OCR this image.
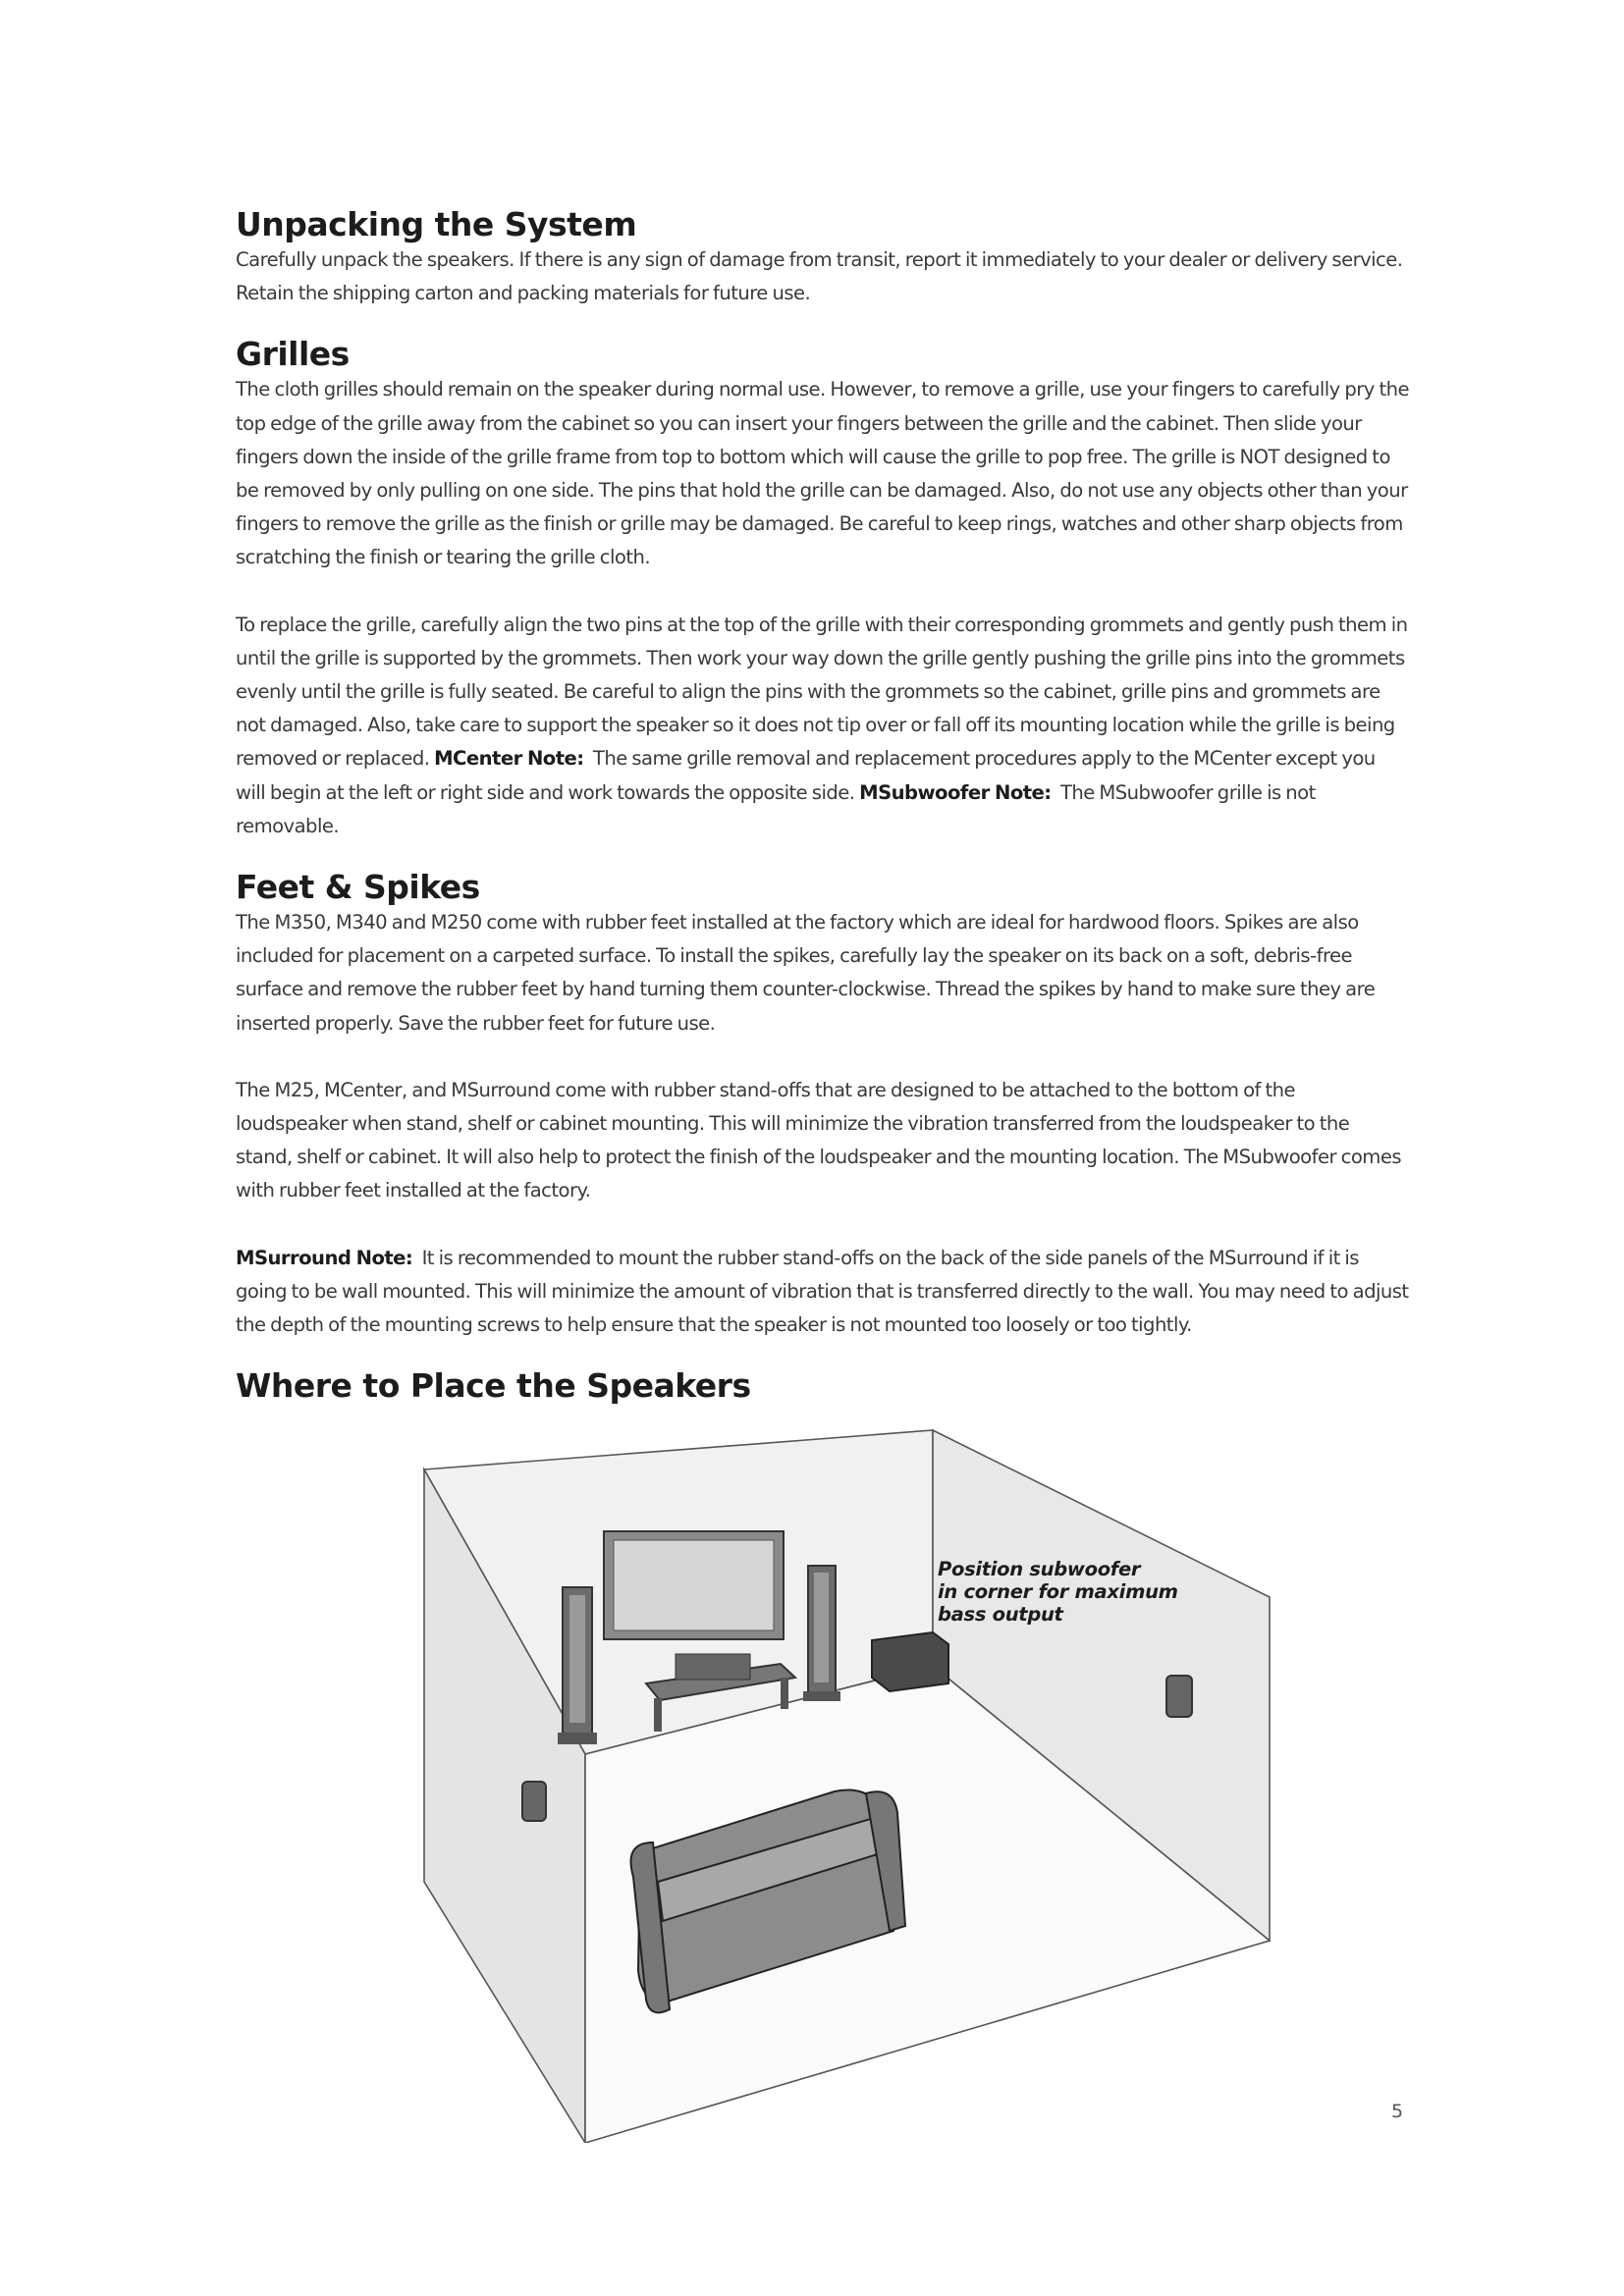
Unpacking the System

Carefully unpack the speakers. If there is any sign of damage from transit, report it immediately to your dealer or delivery service. Retain the shipping carton and packing materials for future use.

Grilles

The cloth grilles should remain on the speaker during normal use. However, to remove a grille, use your fingers to carefully pry the top edge of the grille away from the cabinet so you can insert your fingers between the grille and the cabinet. Then slide your fingers down the inside of the grille frame from top to bottom which will cause the grille to pop free. The grille is NOT designed to be removed by only pulling on one side. The pins that hold the grille can be damaged. Also, do not use any objects other than your fingers to remove the grille as the finish or grille may be damaged. Be careful to keep rings, watches and other sharp objects from scratching the finish or tearing the grille cloth.

To replace the grille, carefully align the two pins at the top of the grille with their corresponding grommets and gently push them in until the grille is supported by the grommets. Then work your way down the grille gently pushing the grille pins into the grommets evenly until the grille is fully seated. Be careful to align the pins with the grommets so the cabinet, grille pins and grommets are not damaged. Also, take care to support the speaker so it does not tip over or fall off its mounting location while the grille is being removed or replaced. MCenter Note: The same grille removal and replacement procedures apply to the MCenter except you will begin at the left or right side and work towards the opposite side. MSubwoofer Note: The MSubwoofer grille is not removable.

Feet & Spikes

The M350, M340 and M250 come with rubber feet installed at the factory which are ideal for hardwood floors. Spikes are also included for placement on a carpeted surface. To install the spikes, carefully lay the speaker on its back on a soft, debris-free surface and remove the rubber feet by hand turning them counter-clockwise. Thread the spikes by hand to make sure they are inserted properly. Save the rubber feet for future use.

The M25, MCenter, and MSurround come with rubber stand-offs that are designed to be attached to the bottom of the loudspeaker when stand, shelf or cabinet mounting. This will minimize the vibration transferred from the loudspeaker to the stand, shelf or cabinet. It will also help to protect the finish of the loudspeaker and the mounting location. The MSubwoofer comes with rubber feet installed at the factory.

MSurround Note: It is recommended to mount the rubber stand-offs on the back of the side panels of the MSurround if it is going to be wall mounted. This will minimize the amount of vibration that is transferred directly to the wall. You may need to adjust the depth of the mounting screws to help ensure that the speaker is not mounted too loosely or too tightly.

Where to Place the Speakers
Position subwoofer
in corner for maximum
bass output
5
